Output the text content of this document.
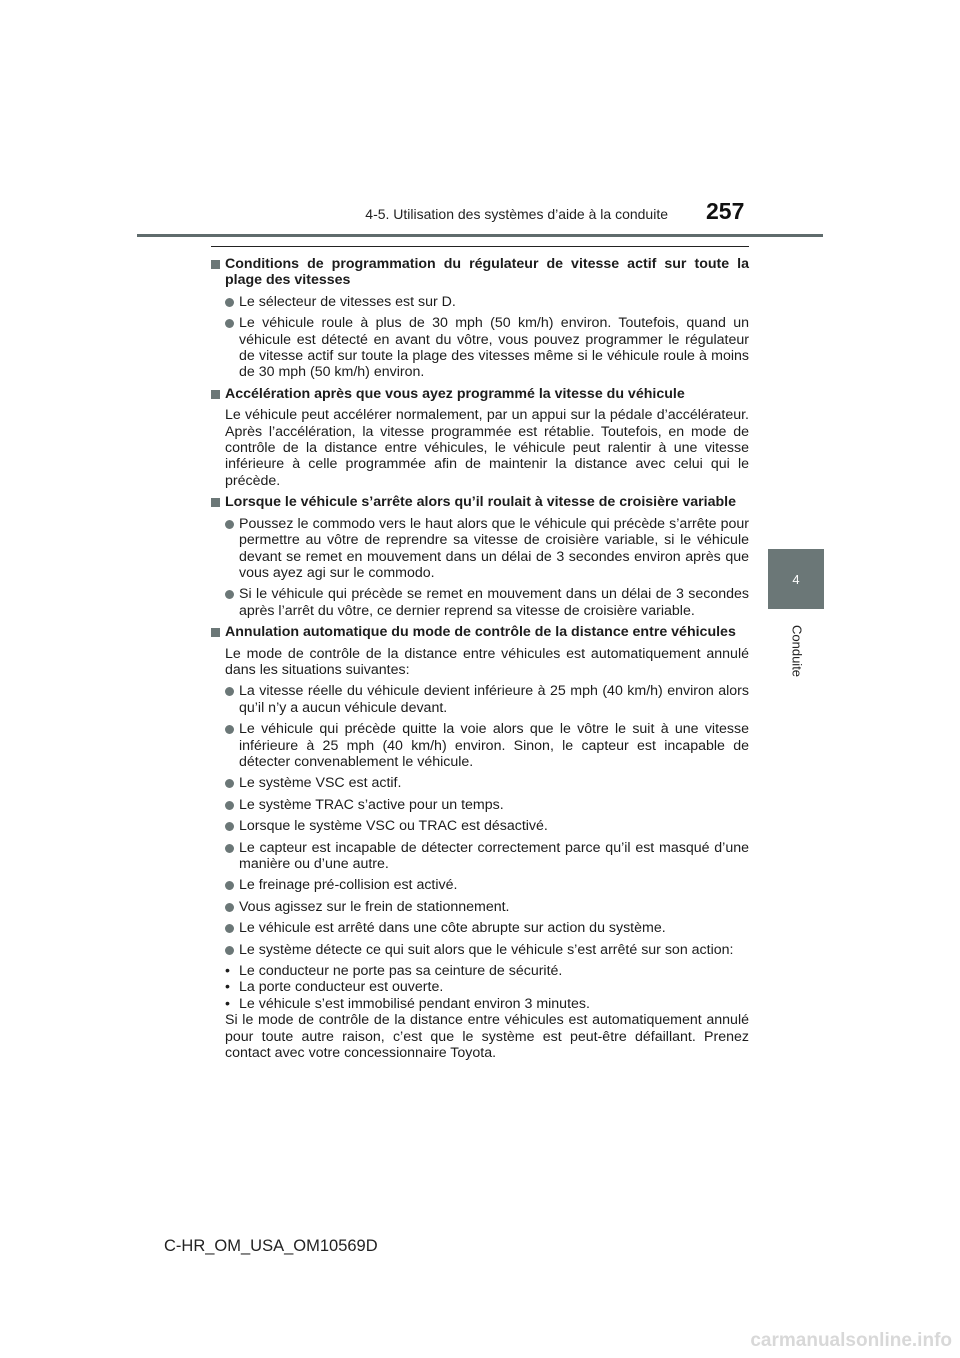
4-5. Utilisation des systèmes d’aide à la conduite 257
4
Conduite

Conditions de programmation du régulateur de vitesse actif sur toute la plage des vitesses

Le sélecteur de vitesses est sur D.

Le véhicule roule à plus de 30 mph (50 km/h) environ. Toutefois, quand un véhicule est détecté en avant du vôtre, vous pouvez programmer le régulateur de vitesse actif sur toute la plage des vitesses même si le véhicule roule à moins de 30 mph (50 km/h) environ.

Accélération après que vous ayez programmé la vitesse du véhicule

Le véhicule peut accélérer normalement, par un appui sur la pédale d’accélérateur. Après l’accélération, la vitesse programmée est rétablie. Toutefois, en mode de contrôle de la distance entre véhicules, le véhicule peut ralentir à une vitesse inférieure à celle programmée afin de maintenir la distance avec celui qui le précède.

Lorsque le véhicule s’arrête alors qu’il roulait à vitesse de croisière variable

Poussez le commodo vers le haut alors que le véhicule qui précède s’arrête pour permettre au vôtre de reprendre sa vitesse de croisière variable, si le véhicule devant se remet en mouvement dans un délai de 3 secondes environ après que vous ayez agi sur le commodo.

Si le véhicule qui précède se remet en mouvement dans un délai de 3 secondes après l’arrêt du vôtre, ce dernier reprend sa vitesse de croisière variable.

Annulation automatique du mode de contrôle de la distance entre véhicules

Le mode de contrôle de la distance entre véhicules est automatiquement annulé dans les situations suivantes:

La vitesse réelle du véhicule devient inférieure à 25 mph (40 km/h) environ alors qu’il n’y a aucun véhicule devant.

Le véhicule qui précède quitte la voie alors que le vôtre le suit à une vitesse inférieure à 25 mph (40 km/h) environ. Sinon, le capteur est incapable de détecter convenablement le véhicule.

Le système VSC est actif.

Le système TRAC s’active pour un temps.

Lorsque le système VSC ou TRAC est désactivé.

Le capteur est incapable de détecter correctement parce qu’il est masqué d’une manière ou d’une autre.

Le freinage pré-collision est activé.

Vous agissez sur le frein de stationnement.

Le véhicule est arrêté dans une côte abrupte sur action du système.

Le système détecte ce qui suit alors que le véhicule s’est arrêté sur son action:

• Le conducteur ne porte pas sa ceinture de sécurité.
• La porte conducteur est ouverte.
• Le véhicule s’est immobilisé pendant environ 3 minutes.

Si le mode de contrôle de la distance entre véhicules est automatiquement annulé pour toute autre raison, c’est que le système est peut-être défaillant. Prenez contact avec votre concessionnaire Toyota.

C-HR_OM_USA_OM10569D
carmanualsonline.info
